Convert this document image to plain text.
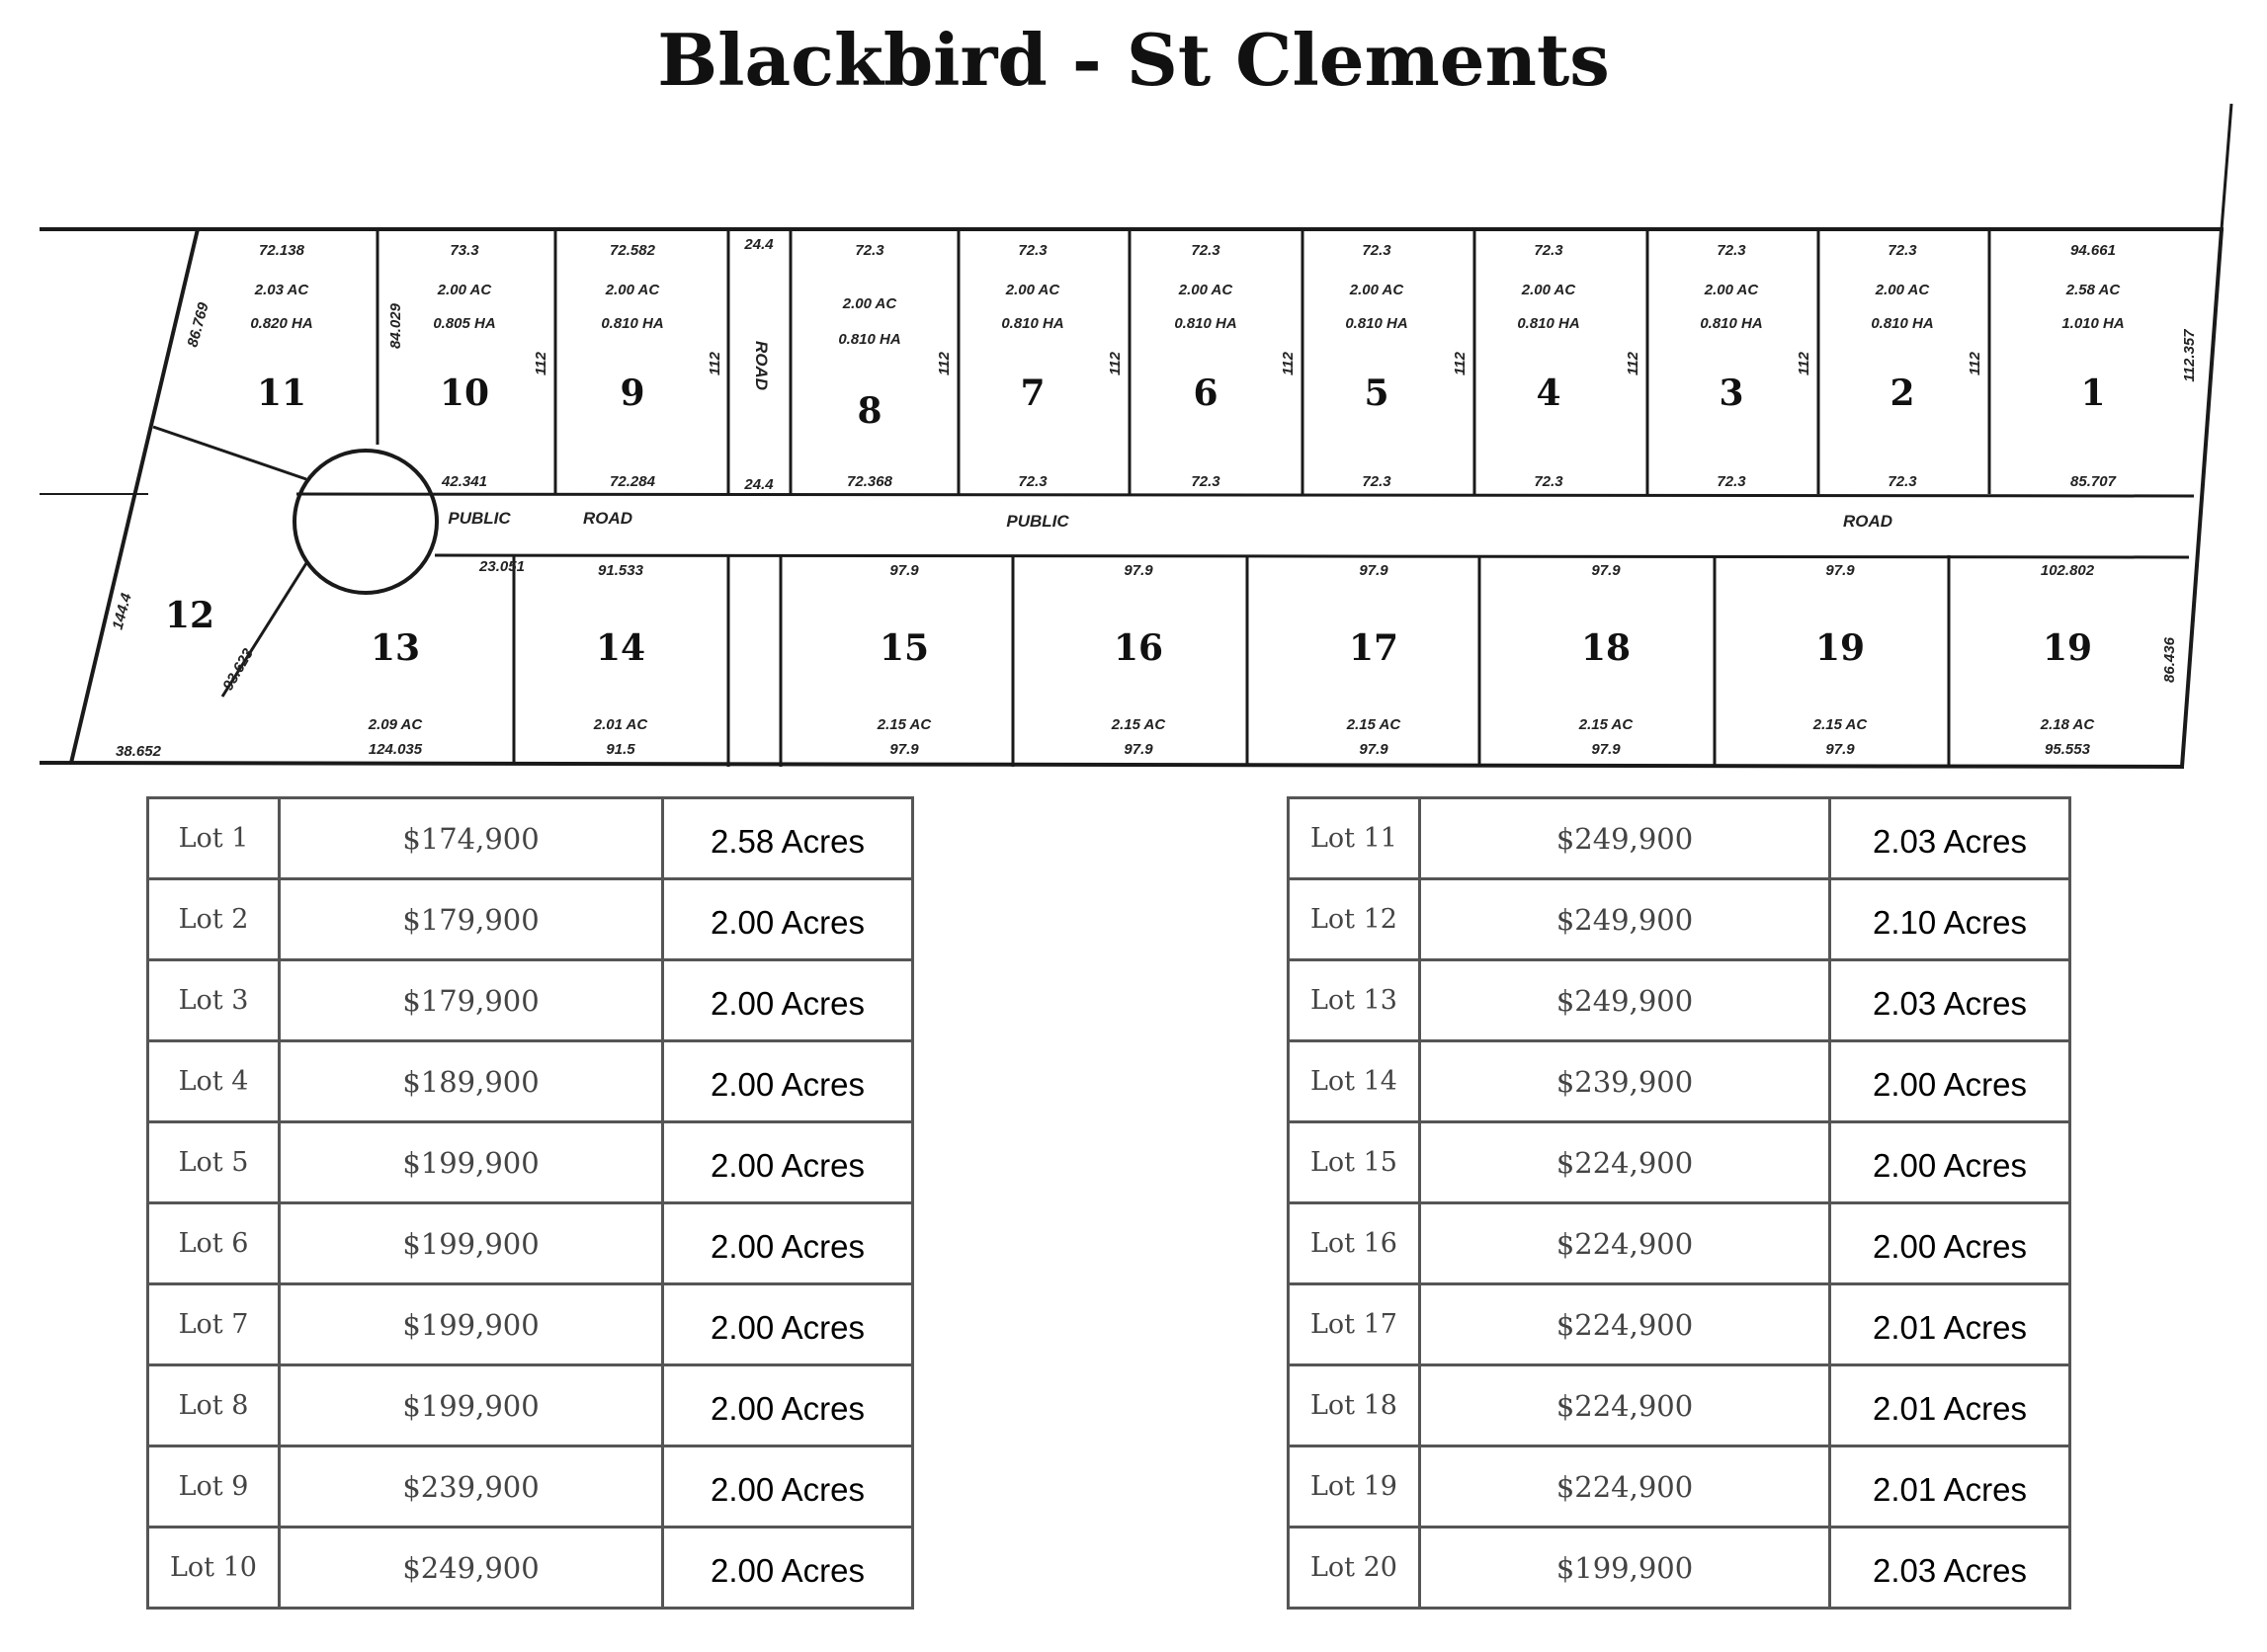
Blackbird - St Clements
PUBLIC	ROAD	PUBLIC	ROAD
ROAD
24.4
24.4
12
38.652
144.4
93.623
23.051
86.769	84.029
112.357
86.436
72.138
2.03 AC
0.820 HA
11
73.3
2.00 AC
0.805 HA
10
42.341
72.582
2.00 AC
0.810 HA
9
72.284
72.3
2.00 AC
0.810 HA
8
72.368
72.3
2.00 AC
0.810 HA
7
72.3
72.3
2.00 AC
0.810 HA
6
72.3
72.3
2.00 AC
0.810 HA
5
72.3
72.3
2.00 AC
0.810 HA
4
72.3
72.3
2.00 AC
0.810 HA
3
72.3
72.3
2.00 AC
0.810 HA
2
72.3
94.661
2.58 AC
1.010 HA
1
85.707
112	112	112	112	112	112	112	112	112
13
2.09 AC
124.035
91.533
14
2.01 AC
91.5
97.9
15
2.15 AC
97.9
97.9
16
2.15 AC
97.9
97.9
17
2.15 AC
97.9
97.9
18
2.15 AC
97.9
97.9
19
2.15 AC
97.9
102.802
19
2.18 AC
95.553
Lot 1	$174,900	2.58 Acres
Lot 2	$179,900	2.00 Acres
Lot 3	$179,900	2.00 Acres
Lot 4	$189,900	2.00 Acres
Lot 5	$199,900	2.00 Acres
Lot 6	$199,900	2.00 Acres
Lot 7	$199,900	2.00 Acres
Lot 8	$199,900	2.00 Acres
Lot 9	$239,900	2.00 Acres
Lot 10	$249,900	2.00 Acres
Lot 11	$249,900	2.03 Acres
Lot 12	$249,900	2.10 Acres
Lot 13	$249,900	2.03 Acres
Lot 14	$239,900	2.00 Acres
Lot 15	$224,900	2.00 Acres
Lot 16	$224,900	2.00 Acres
Lot 17	$224,900	2.01 Acres
Lot 18	$224,900	2.01 Acres
Lot 19	$224,900	2.01 Acres
Lot 20	$199,900	2.03 Acres
